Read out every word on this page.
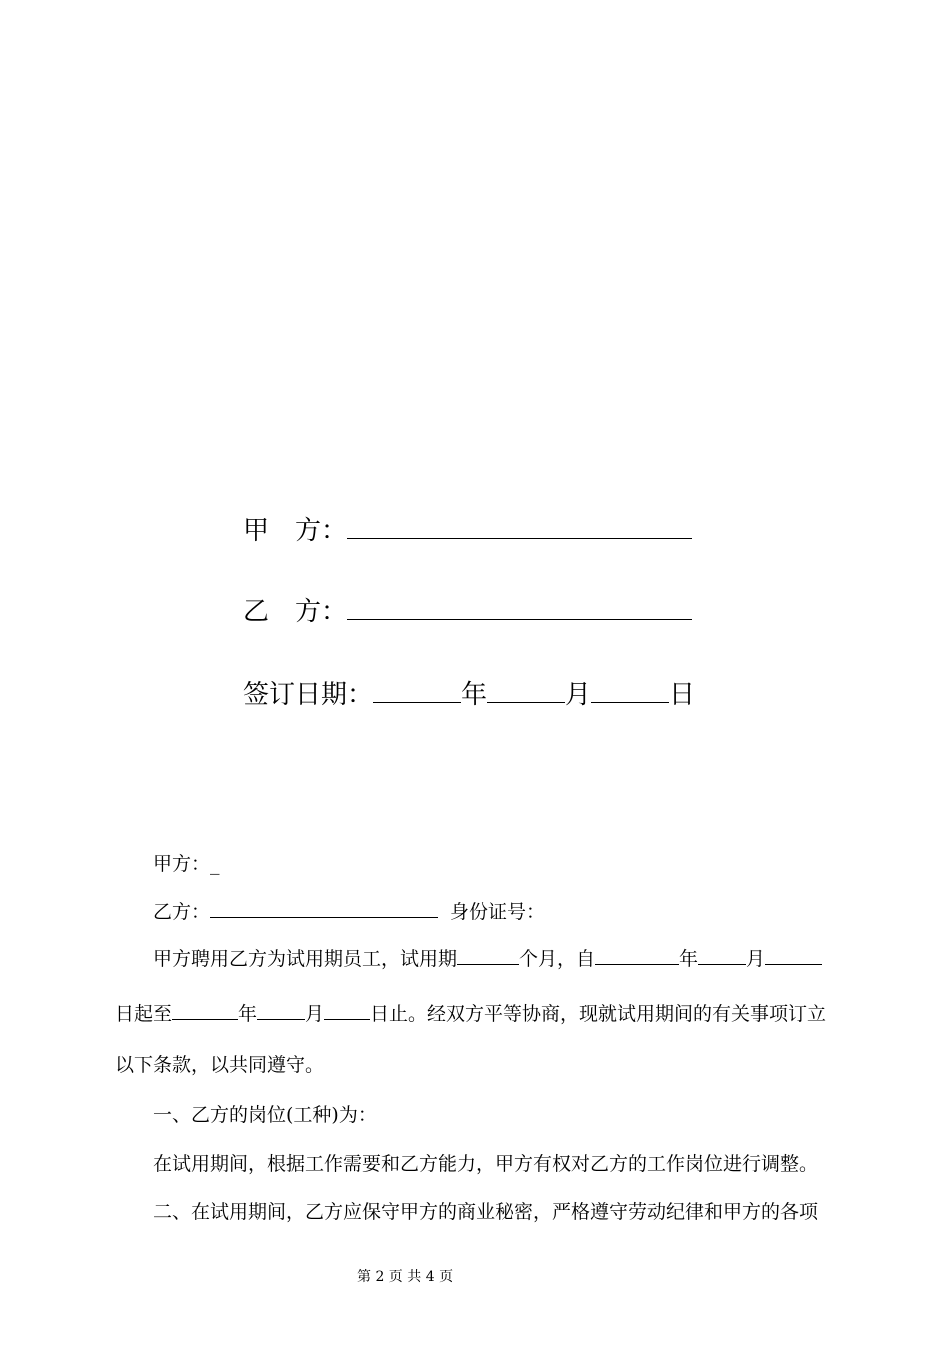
甲　方：
乙　方：
签订日期：	年	月	日
甲方：_
乙方：	身份证号：
甲方聘用乙方为试用期员工，试用期	个月，自	年	月
日起至	年	月 日止。经双方平等协商，现就试用期间的有关事项订立
以下条款，以共同遵守。
一、乙方的岗位(工种)为：
在试用期间，根据工作需要和乙方能力，甲方有权对乙方的工作岗位进行调整。
二、在试用期间，乙方应保守甲方的商业秘密，严格遵守劳动纪律和甲方的各项
第 2 页 共 4 页
